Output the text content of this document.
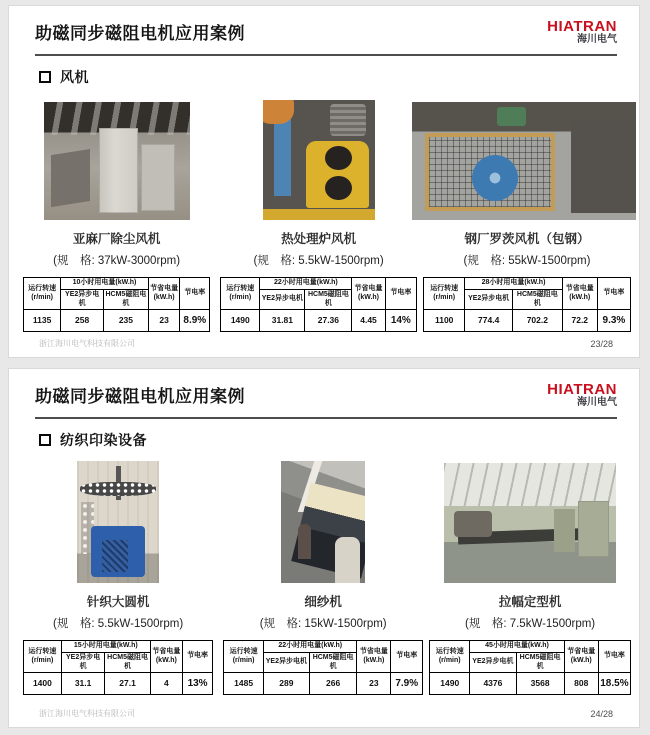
助磁同步磁阻电机应用案例	HIATRAN
海川电气
风机
亚麻厂除尘风机
(规　格: 37kW-3000rpm)
运行转速 (r/min)	10小时用电量(kW.h)		节省电量 (kW.h)	节电率
	YE2异步电机	HCM5磁阻电机		
1135	258	235	23	8.9%
热处理炉风机
(规　格: 5.5kW-1500rpm)
运行转速 (r/min)	22小时用电量(kW.h)		节省电量 (kW.h)	节电率
	YE2异步电机	HCM5磁阻电机		
1490	31.81	27.36	4.45	14%
钢厂罗茨风机（包钢）
(规　格: 55kW-1500rpm)
运行转速 (r/min)	28小时用电量(kW.h)		节省电量 (kW.h)	节电率
	YE2异步电机	HCM5磁阻电机		
1100	774.4	702.2	72.2	9.3%
浙江海川电气科技有限公司	23/28
助磁同步磁阻电机应用案例	HIATRAN
海川电气
纺织印染设备
针织大圆机
(规　格: 5.5kW-1500rpm)
运行转速 (r/min)	15小时用电量(kW.h)		节省电量 (kW.h)	节电率
	YE2异步电机	HCM5磁阻电机		
1400	31.1	27.1	4	13%
细纱机
(规　格: 15kW-1500rpm)
运行转速 (r/min)	22小时用电量(kW.h)		节省电量 (kW.h)	节电率
	YE2异步电机	HCM5磁阻电机		
1485	289	266	23	7.9%
拉幅定型机
(规　格: 7.5kW-1500rpm)
运行转速 (r/min)	45小时用电量(kW.h)		节省电量 (kW.h)	节电率
	YE2异步电机	HCM5磁阻电机		
1490	4376	3568	808	18.5%
浙江海川电气科技有限公司	24/28
